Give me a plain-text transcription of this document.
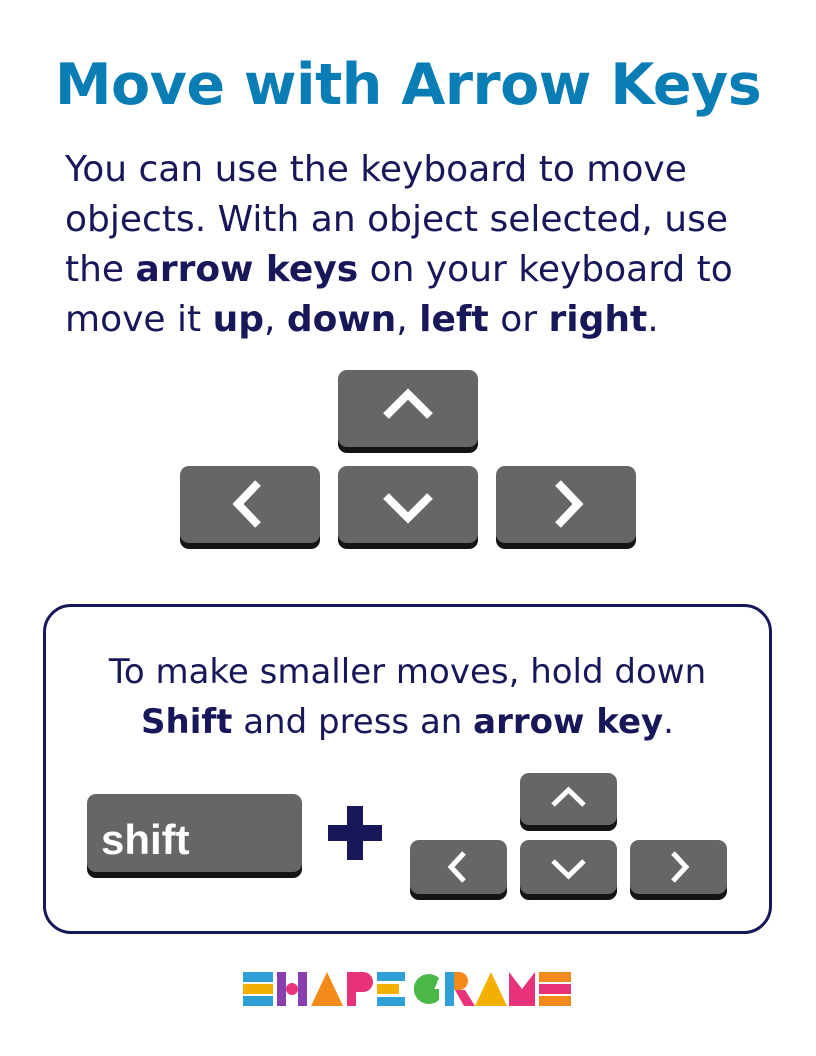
Move with Arrow Keys

You can use the keyboard to move objects. With an object selected, use the arrow keys on your keyboard to move it up, down, left or right.

To make smaller moves, hold down
Shift and press an arrow key.

shift
